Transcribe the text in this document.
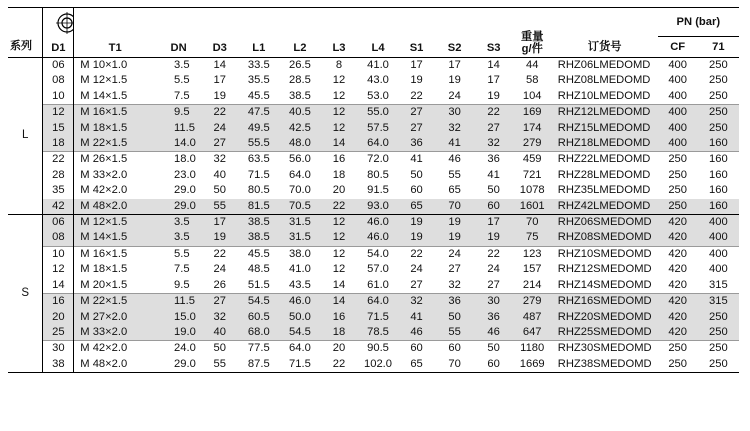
系列	D1	T1	DN	D3	L1	L2	L3	L4	S1	S2	S3	重量
g/件	订货号	PN (bar)	
														CF	71
L	06	M 10×1.0	3.5	14	33.5	26.5	8	41.0	17	17	14	44	RHZ06LMEDOMD	400	250
	08	M 12×1.5	5.5	17	35.5	28.5	12	43.0	19	19	17	58	RHZ08LMEDOMD	400	250
	10	M 14×1.5	7.5	19	45.5	38.5	12	53.0	22	24	19	104	RHZ10LMEDOMD	400	250
	12	M 16×1.5	9.5	22	47.5	40.5	12	55.0	27	30	22	169	RHZ12LMEDOMD	400	250
	15	M 18×1.5	11.5	24	49.5	42.5	12	57.5	27	32	27	174	RHZ15LMEDOMD	400	250
	18	M 22×1.5	14.0	27	55.5	48.0	14	64.0	36	41	32	279	RHZ18LMEDOMD	400	160
	22	M 26×1.5	18.0	32	63.5	56.0	16	72.0	41	46	36	459	RHZ22LMEDOMD	250	160
	28	M 33×2.0	23.0	40	71.5	64.0	18	80.5	50	55	41	721	RHZ28LMEDOMD	250	160
	35	M 42×2.0	29.0	50	80.5	70.0	20	91.5	60	65	50	1078	RHZ35LMEDOMD	250	160
	42	M 48×2.0	29.0	55	81.5	70.5	22	93.0	65	70	60	1601	RHZ42LMEDOMD	250	160
S	06	M 12×1.5	3.5	17	38.5	31.5	12	46.0	19	19	17	70	RHZ06SMEDOMD	420	400
	08	M 14×1.5	3.5	19	38.5	31.5	12	46.0	19	19	19	75	RHZ08SMEDOMD	420	400
	10	M 16×1.5	5.5	22	45.5	38.0	12	54.0	22	24	22	123	RHZ10SMEDOMD	420	400
	12	M 18×1.5	7.5	24	48.5	41.0	12	57.0	24	27	24	157	RHZ12SMEDOMD	420	400
	14	M 20×1.5	9.5	26	51.5	43.5	14	61.0	27	32	27	214	RHZ14SMEDOMD	420	315
	16	M 22×1.5	11.5	27	54.5	46.0	14	64.0	32	36	30	279	RHZ16SMEDOMD	420	315
	20	M 27×2.0	15.0	32	60.5	50.0	16	71.5	41	50	36	487	RHZ20SMEDOMD	420	250
	25	M 33×2.0	19.0	40	68.0	54.5	18	78.5	46	55	46	647	RHZ25SMEDOMD	420	250
	30	M 42×2.0	24.0	50	77.5	64.0	20	90.5	60	60	50	1180	RHZ30SMEDOMD	250	250
	38	M 48×2.0	29.0	55	87.5	71.5	22	102.0	65	70	60	1669	RHZ38SMEDOMD	250	250
